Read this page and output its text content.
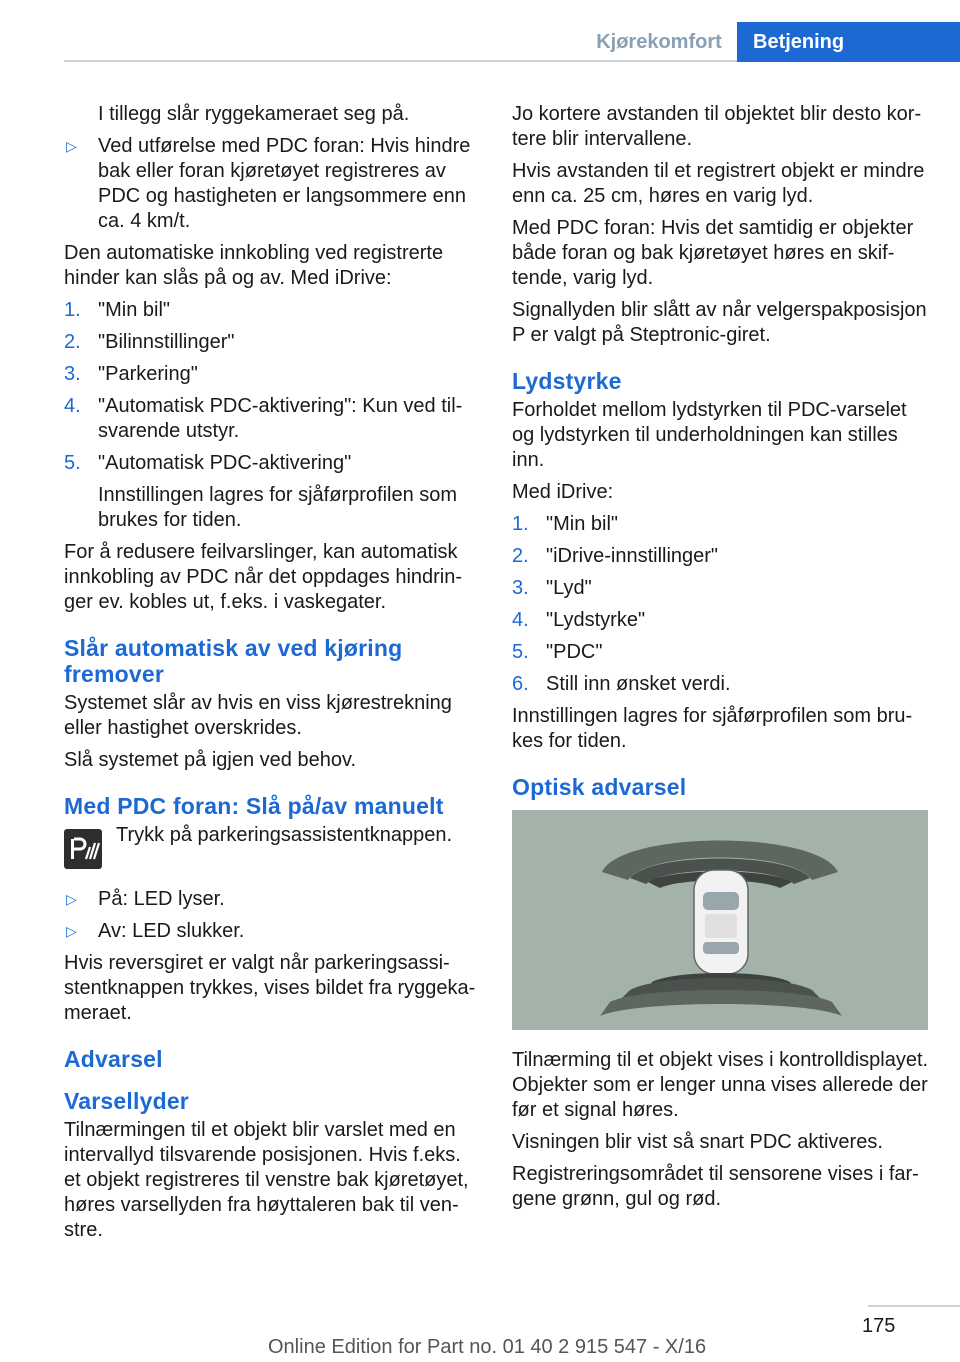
Kjørekomfort	Betjening

I tillegg slår ryggekameraet seg på.

▷ Ved utførelse med PDC foran: Hvis hindre bak eller foran kjøretøyet registreres av PDC og hastigheten er langsommere enn ca. 4 km/t.

Den automatiske innkobling ved registrerte hinder kan slås på og av. Med iDrive:

1. "Min bil"
2. "Bilinnstillinger"
3. "Parkering"
4. "Automatisk PDC-aktivering": Kun ved tilsvarende utstyr.
5. "Automatisk PDC-aktivering"
Innstillingen lagres for sjåførprofilen som brukes for tiden.

For å redusere feilvarslinger, kan automatisk innkobling av PDC når det oppdages hindringer ev. kobles ut, f.eks. i vaskegater.

Slår automatisk av ved kjøring fremover

Systemet slår av hvis en viss kjørestrekning eller hastighet overskrides.

Slå systemet på igjen ved behov.

Med PDC foran: Slå på/av manuelt
Trykk på parkeringsassistentknappen.
▷ På: LED lyser.
▷ Av: LED slukker.

Hvis reversgiret er valgt når parkeringsassistentknappen trykkes, vises bildet fra ryggekameraet.

Advarsel
Varsellyder

Tilnærmingen til et objekt blir varslet med en intervallyd tilsvarende posisjonen. Hvis f.eks. et objekt registreres til venstre bak kjøretøyet, høres varsellyden fra høyttaleren bak til venstre.

Jo kortere avstanden til objektet blir desto kortere blir intervallene.

Hvis avstanden til et registrert objekt er mindre enn ca. 25 cm, høres en varig lyd.

Med PDC foran: Hvis det samtidig er objekter både foran og bak kjøretøyet høres en skiftende, varig lyd.

Signallyden blir slått av når velgerspakposisjon P er valgt på Steptronic-giret.

Lydstyrke

Forholdet mellom lydstyrken til PDC-varselet og lydstyrken til underholdningen kan stilles inn.

Med iDrive:

1. "Min bil"
2. "iDrive-innstillinger"
3. "Lyd"
4. "Lydstyrke"
5. "PDC"
6. Still inn ønsket verdi.

Innstillingen lagres for sjåførprofilen som brukes for tiden.

Optisk advarsel

Tilnærming til et objekt vises i kontrolldisplayet. Objekter som er lenger unna vises allerede der før et signal høres.

Visningen blir vist så snart PDC aktiveres.

Registreringsområdet til sensorene vises i fargene grønn, gul og rød.

175
Online Edition for Part no. 01 40 2 915 547 - X/16
